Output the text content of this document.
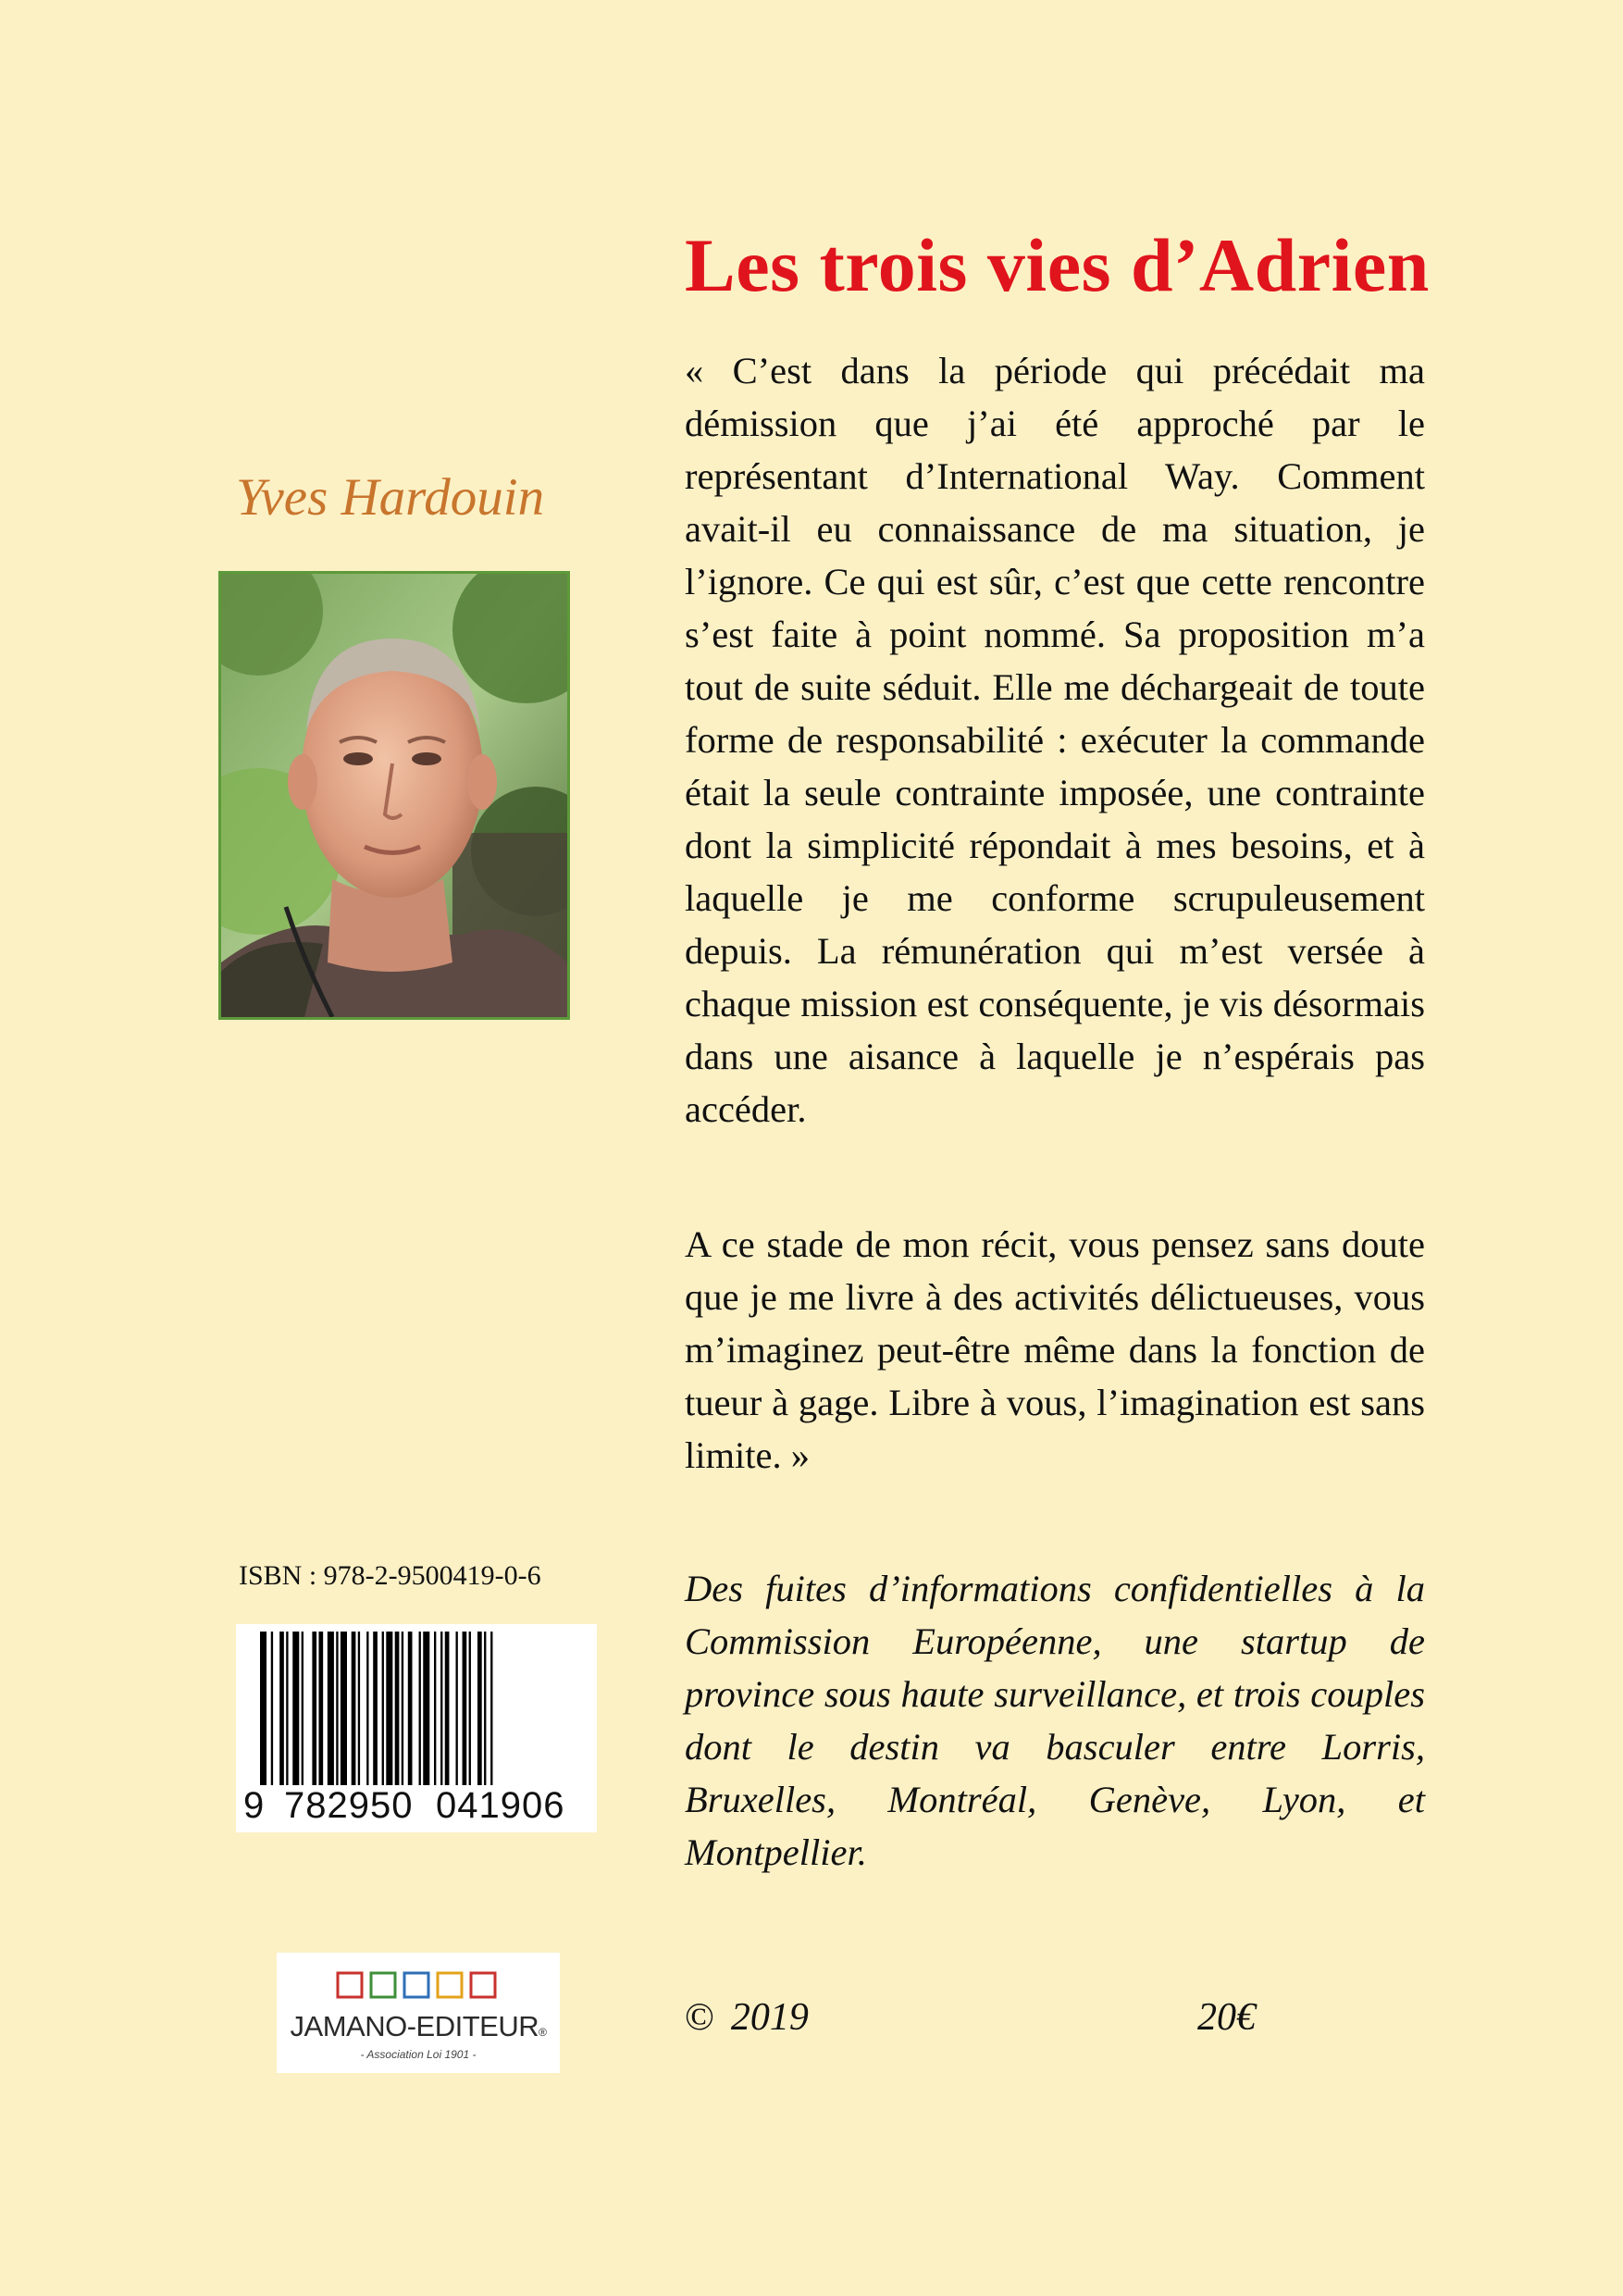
Les trois vies d’Adrien
Yves Hardouin

« C’est dans la période qui précédait ma démission que j’ai été approché par le représentant d’International Way. Comment avait-il eu connaissance de ma situation, je l’ignore. Ce qui est sûr, c’est que cette rencontre s’est faite à point nommé. Sa proposition m’a tout de suite séduit. Elle me déchargeait de toute forme de responsabilité : exécuter la commande était la seule contrainte imposée, une contrainte dont la simplicité répondait à mes besoins, et à laquelle je me conforme scrupuleusement depuis. La rémunération qui m’est versée à chaque mission est conséquente, je vis désormais dans une aisance à laquelle je n’espérais pas accéder.

A ce stade de mon récit, vous pensez sans doute que je me livre à des activités délictueuses, vous m’imaginez peut-être même dans la fonction de tueur à gage. Libre à vous, l’imagination est sans limite. »

Des fuites d’informations confidentielles à la Commission Européenne, une startup de province sous haute surveillance, et trois couples dont le destin va basculer entre Lorris, Bruxelles, Montréal, Genève, Lyon, et Montpellier.

ISBN : 978-2-9500419-0-6
9 782950 041906
JAMANO-EDITEUR®
- Association Loi 1901 -
© 2019	20€
